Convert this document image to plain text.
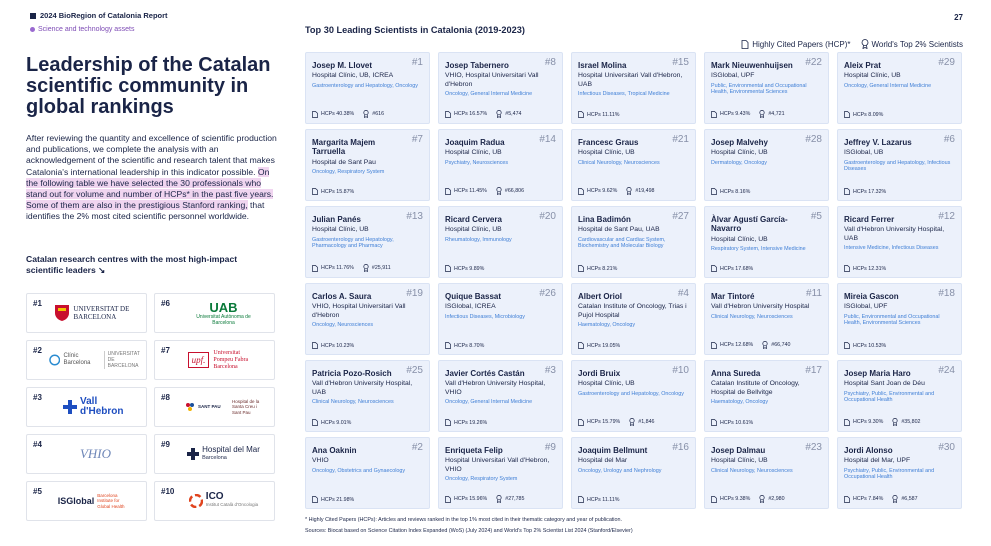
2024 BioRegion of Catalonia Report
Science and technology assets
27
Leadership of the Catalan scientific community in global rankings
After reviewing the quantity and excellence of scientific production and publications, we complete the analysis with an acknowledgement of the scientific and research talent that makes Catalonia's international leadership in this indicator possible. On the following table we have selected the 30 professionals who stand out for volume and number of HCPs* in the past five years. Some of them are also in the prestigious Stanford ranking, that identifies the 2% most cited scientific personnel worldwide.
Catalan research centres with the most high-impact scientific leaders ↘
#1
UNIVERSITAT DE BARCELONA
#2
Clínic Barcelona
UNIVERSITAT DE BARCELONA
#3	Vall d'Hebron
#4
VHIO
#5
ISGlobal
Barcelona Institute for Global Health
#6	UAB
Universitat Autònoma de Barcelona
#7
upf.
Universitat Pompeu Fabra Barcelona
#8
SANT PAU
Hospital de la Santa Creu i Sant Pau
#9
Hospital del Mar
Barcelona
#10	ICO
Institut Català d'Oncologia
Top 30 Leading Scientists in Catalonia (2019-2023)
Highly Cited Papers (HCP)*	World's Top 2% Scientists
#1
Josep M. Llovet
Hospital Clínic, UB, ICREA
Gastroenterology and Hepatology, Oncology
HCPs 40.38%	#616
#7
Margarita Majem Tarruella
Hospital de Sant Pau
Oncology, Respiratory System
HCPs 15.87%
#13
Julian Panés
Hospital Clínic, UB
Gastroenterology and Hepatology, Pharmacology and Pharmacy
HCPs 11.76%	#25,911
#19
Carlos A. Saura
VHIO, Hospital Universitari Vall d'Hebron
Oncology, Neurosciences
HCPs 10.23%
#25
Patricia Pozo-Rosich
Vall d'Hebron University Hospital, UAB
Clinical Neurology, Neurosciences
HCPs 9.01%
#2
Ana Oaknin
VHIO
Oncology, Obstetrics and Gynaecology
HCPs 21.98%
#8
Josep Tabernero
VHIO, Hospital Universitari Vall d'Hebron
Oncology, General Internal Medicine
HCPs 16.57%	#5,474
#14
Joaquim Radua
Hospital Clínic, UB
Psychiatry, Neurosciences
HCPs 11.45%	#66,806
#20
Ricard Cervera
Hospital Clínic, UB
Rheumatology, Immunology
HCPs 9.89%
#26
Quique Bassat
ISGlobal, ICREA
Infectious Diseases, Microbiology
HCPs 8.70%
#3
Javier Cortés Castán
Vall d'Hebron University Hospital, VHIO
Oncology, General Internal Medicine
HCPs 19.26%
#9
Enriqueta Felip
Hospital Universitari Vall d'Hebron, VHIO
Oncology, Respiratory System
HCPs 15.96%	#27,785
#15
Israel Molina
Hospital Universitari Vall d'Hebron, UAB
Infectious Diseases, Tropical Medicine
HCPs 11.11%
#21
Francesc Graus
Hospital Clínic, UB
Clinical Neurology, Neurosciences
HCPs 9.62%	#19,498
#27
Lina Badimón
Hospital de Sant Pau, UAB
Cardiovascular and Cardiac System, Biochemistry and Molecular Biology
HCPs 8.21%
#4
Albert Oriol
Catalan Institute of Oncology, Trias i Pujol Hospital
Haematology, Oncology
HCPs 19.05%
#10
Jordi Bruix
Hospital Clínic, UB
Gastroenterology and Hepatology, Oncology
HCPs 15.79%	#1,846
#16
Joaquim Bellmunt
Hospital del Mar
Oncology, Urology and Nephrology
HCPs 11.11%
#22
Mark Nieuwenhuijsen
ISGlobal, UPF
Public, Environmental and Occupational Health, Environmental Sciences
HCPs 9.43%	#4,721
#28
Josep Malvehy
Hospital Clínic, UB
Dermatology, Oncology
HCPs 8.16%
#5
Àlvar Agustí García-Navarro
Hospital Clínic, UB
Respiratory System, Intensive Medicine
HCPs 17.68%
#11
Mar Tintoré
Vall d'Hebron University Hospital
Clinical Neurology, Neurosciences
HCPs 12.68%	#66,740
#17
Anna Sureda
Catalan Institute of Oncology, Hospital de Bellvitge
Haematology, Oncology
HCPs 10.61%
#23
Josep Dalmau
Hospital Clínic, UB
Clinical Neurology, Neurosciences
HCPs 9.38%	#2,980
#29
Aleix Prat
Hospital Clínic, UB
Oncology, General Internal Medicine
HCPs 8.09%
#6
Jeffrey V. Lazarus
ISGlobal, UB
Gastroenterology and Hepatology, Infectious Diseases
HCPs 17.32%
#12
Ricard Ferrer
Vall d'Hebron University Hospital, UAB
Intensive Medicine, Infectious Diseases
HCPs 12.31%
#18
Mireia Gascon
ISGlobal, UPF
Public, Environmental and Occupational Health, Environmental Sciences
HCPs 10.53%
#24
Josep Maria Haro
Hospital Sant Joan de Déu
Psychiatry, Public, Environmental and Occupational Health
HCPs 9.30%	#35,802
#30
Jordi Alonso
Hospital del Mar, UPF
Psychiatry, Public, Environmental and Occupational Health
HCPs 7.84%	#6,587
* Highly Cited Papers (HCPs): Articles and reviews ranked in the top 1% most cited in their thematic category and year of publication.
Sources: Biocat based on Science Citation Index Expanded (WoS) (July 2024) and World's Top 2% Scientist List 2024 (Stanford/Elsevier)
